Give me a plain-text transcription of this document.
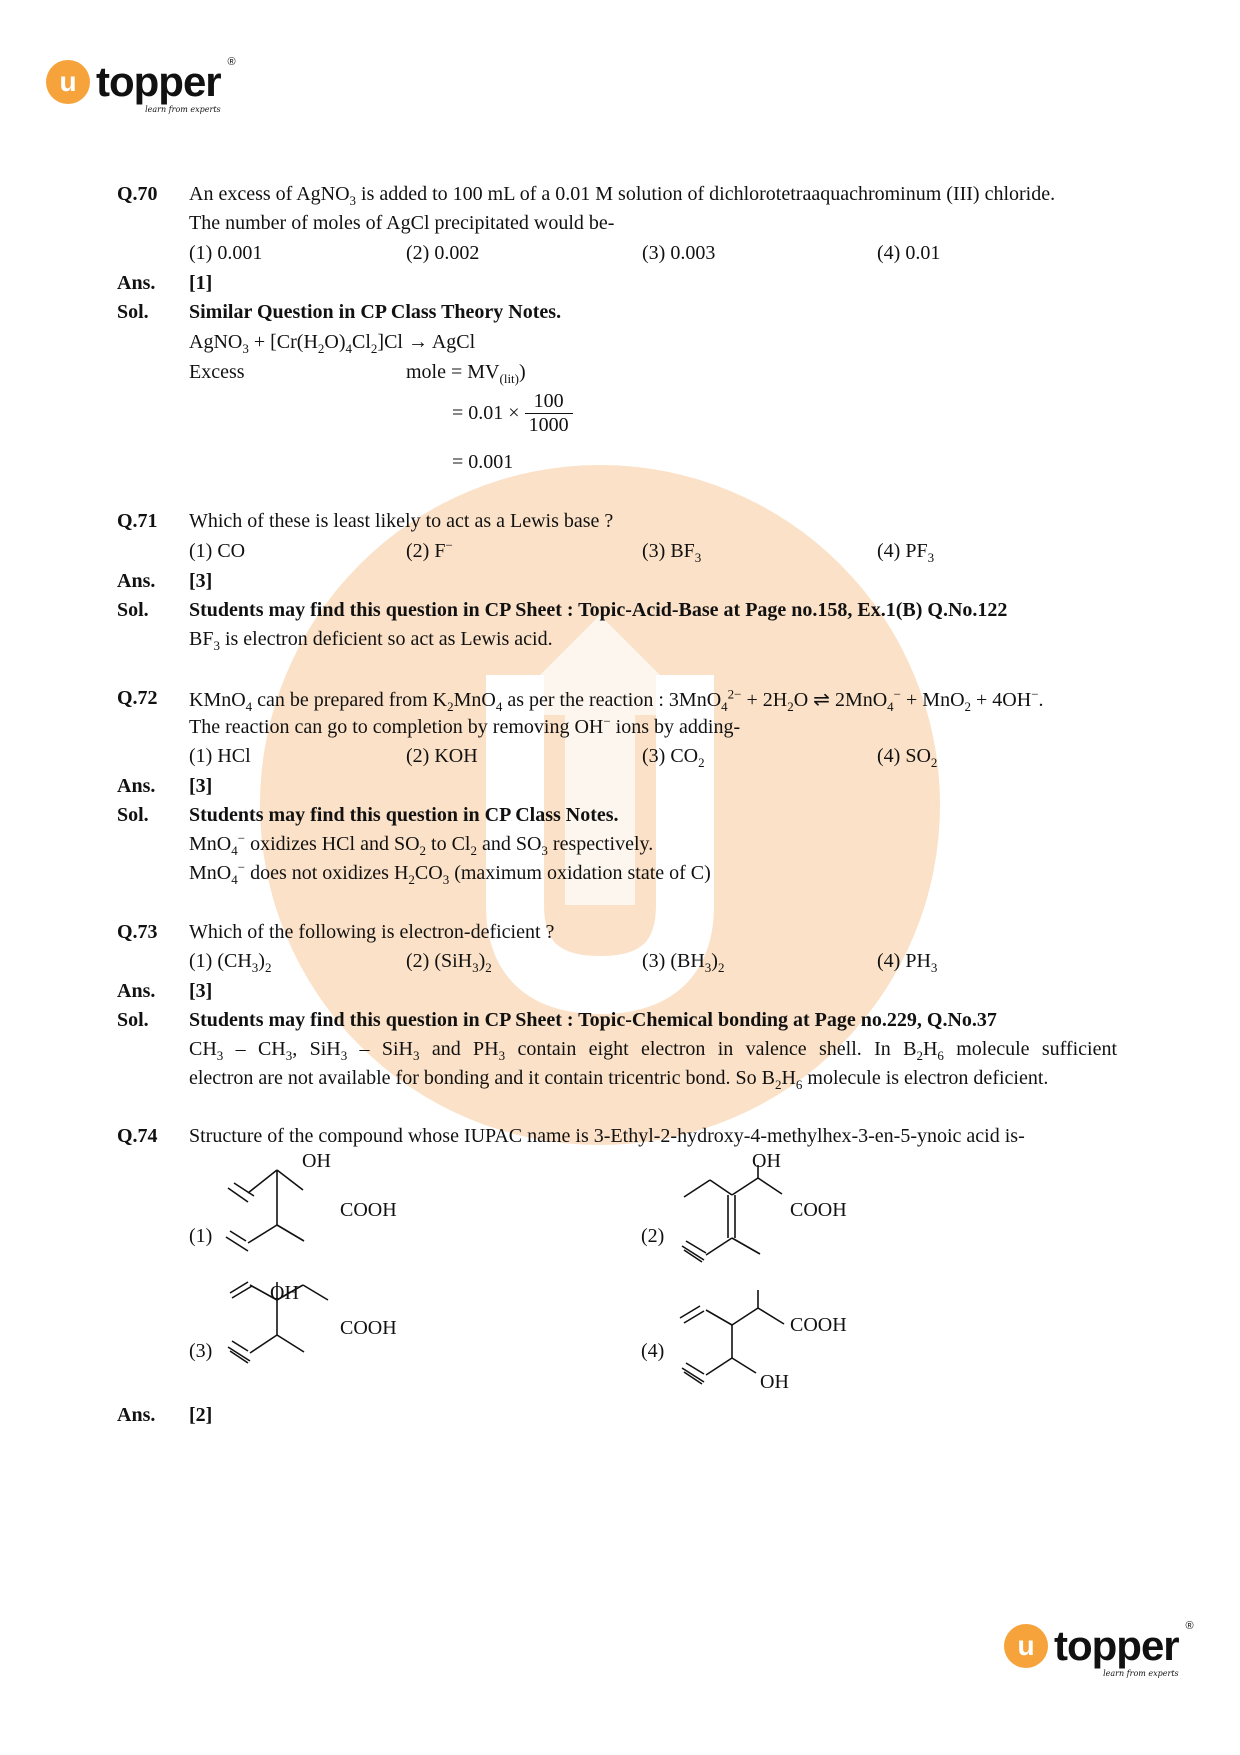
u topper ®
learn from experts
u topper ®
learn from experts
Q.70 An excess of AgNO$_3$ is added to 100 mL of a 0.01 M solution of dichlorotetraaquachrominum (III) chloride.
The number of moles of AgCl precipitated would be-
(1) 0.001	(2) 0.002	(3) 0.003	(4) 0.01
Ans. [1]
Sol. Similar Question in CP Class Theory Notes.
AgNO$_3$ + $[Cr(H_2O)_4Cl_2]Cl$ → AgCl
Excess	mole = $MV_{(lit)}$)
= $0.01 \times \frac{100}{1000}$
= 0.001
Q.71 Which of these is least likely to act as a Lewis base ?
(1) CO	(2) F−	(3) $BF_3$	(4) $PF_3$
Ans. [3]
Sol. Students may find this question in CP Sheet : Topic-Acid-Base at Page no.158, Ex.1(B) Q.No.122
$BF_3$ is electron deficient so act as Lewis acid.
Q.72 KMnO$_4$ can be prepared from $K_2MnO_4$ as per the reaction : $3MnO_4^{2-} + 2H_2O$ ⇌ 2MnO$_4$− + MnO$_2$ + 4OH−.
The reaction can go to completion by removing OH− ions by adding-
(1) HCl	(2) KOH	(3) $CO_2$	(4) $SO_2$
Ans. [3]
Sol. Students may find this question in CP Class Notes.
MnO$_4$− oxidizes HCl and $SO_2$ to $Cl_2$ and $SO_3$ respectively.
MnO$_4$− does not oxidizes $H_2CO_3$ (maximum oxidation state of C)
Q.73 Which of the following is electron-deficient ?
(1) $(CH_3)_2$	(2) $(SiH_3)_2$	(3) $(BH_3)_2$	(4) $PH_3$
Ans. [3]
Sol. Students may find this question in CP Sheet : Topic-Chemical bonding at Page no.229, Q.No.37
$CH_3 - CH_3$, SiH$_3$ – SiH$_3$ and $PH_3$ contain eight electron in valence shell. In $B_2H_6$ molecule sufficient
electron are not available for bonding and it contain tricentric bond. So $B_2H_6$ molecule is electron deficient.
Q.74 Structure of the compound whose IUPAC name is 3-Ethyl-2-hydroxy-4-methylhex-3-en-5-ynoic acid is-
(1)
OH
COOH
(2)
OH
COOH
(3)
OH
COOH
(4)
COOH
OH
Ans. [2]
